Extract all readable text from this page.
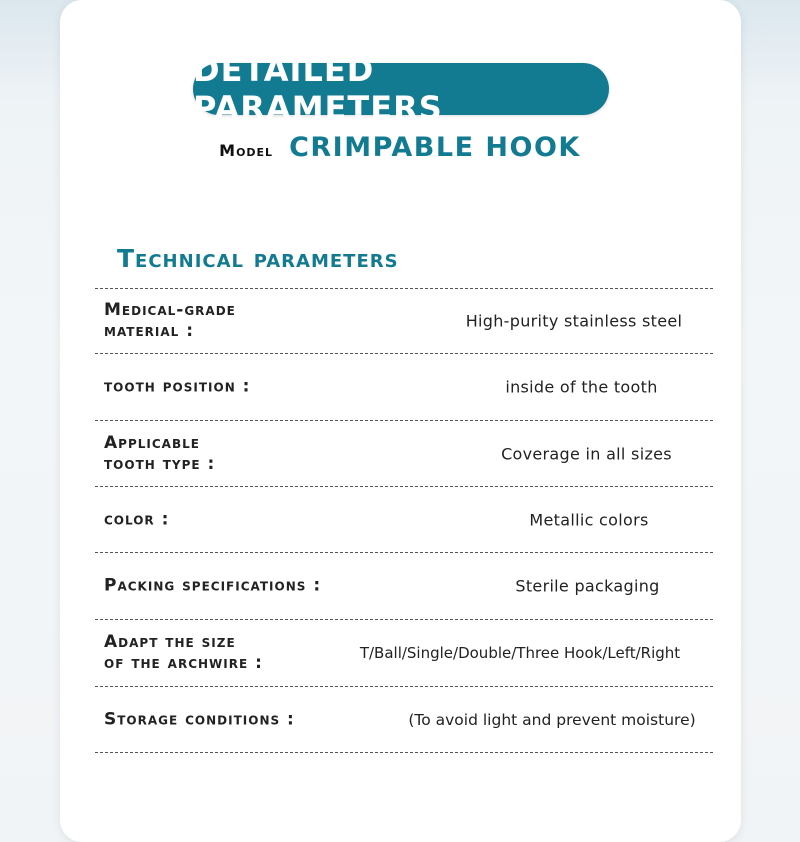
DETAILED PARAMETERS
Model CRIMPABLE HOOK
Technical parameters
Medical-grade
material :	High-purity stainless steel
tooth position :	inside of the tooth
Applicable
tooth type :	Coverage in all sizes
color :	Metallic colors
Packing specifications :	Sterile packaging
Adapt the size
of the archwire :	T/Ball/Single/Double/Three Hook/Left/Right
Storage conditions :	(To avoid light and prevent moisture)
